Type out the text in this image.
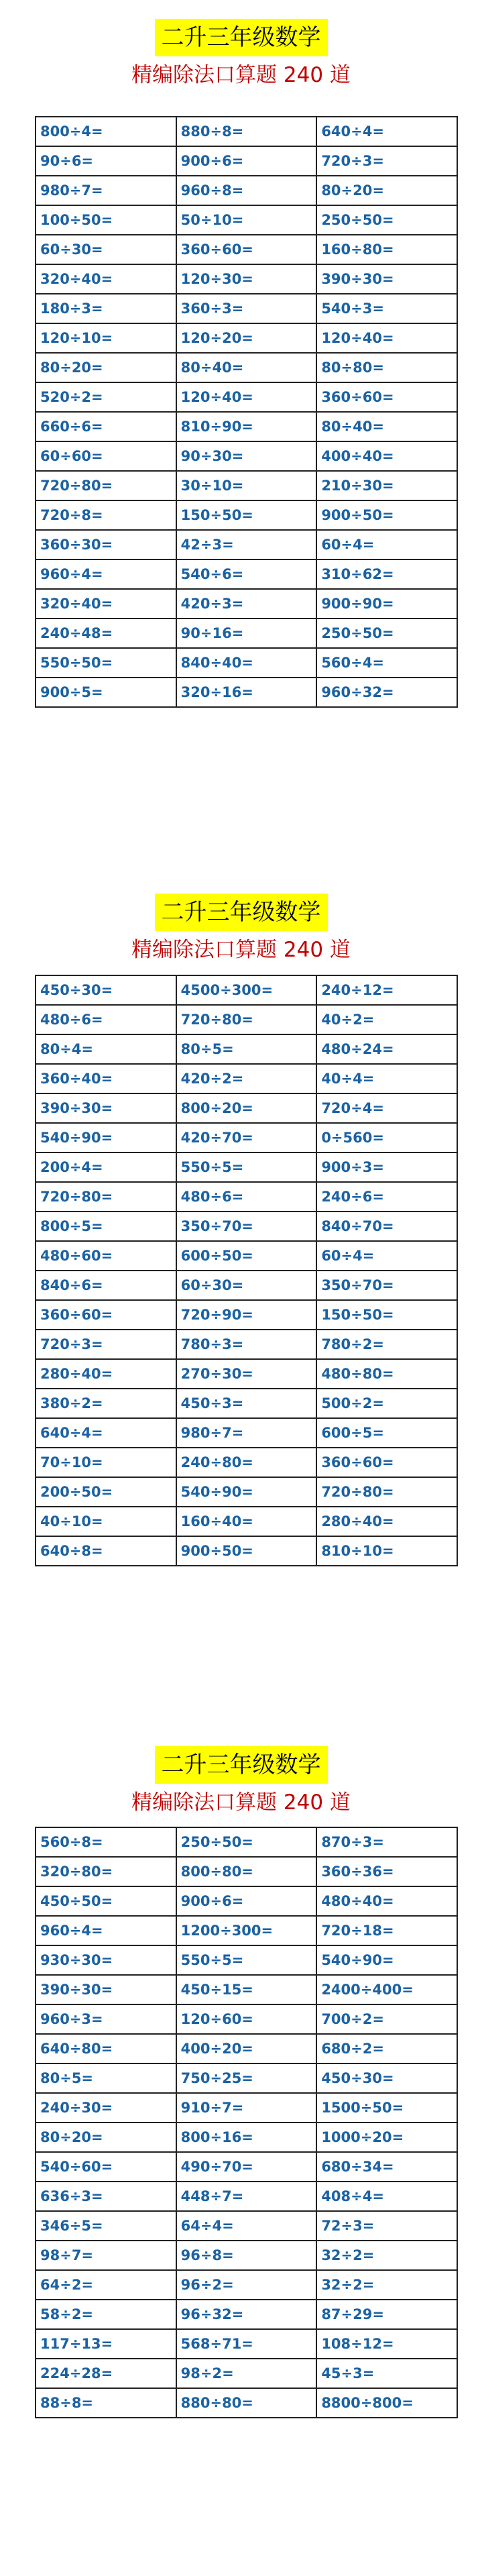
二升三年级数学
精编除法口算题 240 道
800÷4=	880÷8=	640÷4=
90÷6=	900÷6=	720÷3=
980÷7=	960÷8=	80÷20=
100÷50=	50÷10=	250÷50=
60÷30=	360÷60=	160÷80=
320÷40=	120÷30=	390÷30=
180÷3=	360÷3=	540÷3=
120÷10=	120÷20=	120÷40=
80÷20=	80÷40=	80÷80=
520÷2=	120÷40=	360÷60=
660÷6=	810÷90=	80÷40=
60÷60=	90÷30=	400÷40=
720÷80=	30÷10=	210÷30=
720÷8=	150÷50=	900÷50=
360÷30=	42÷3=	60÷4=
960÷4=	540÷6=	310÷62=
320÷40=	420÷3=	900÷90=
240÷48=	90÷16=	250÷50=
550÷50=	840÷40=	560÷4=
900÷5=	320÷16=	960÷32=
二升三年级数学
精编除法口算题 240 道
450÷30=	4500÷300=	240÷12=
480÷6=	720÷80=	40÷2=
80÷4=	80÷5=	480÷24=
360÷40=	420÷2=	40÷4=
390÷30=	800÷20=	720÷4=
540÷90=	420÷70=	0÷560=
200÷4=	550÷5=	900÷3=
720÷80=	480÷6=	240÷6=
800÷5=	350÷70=	840÷70=
480÷60=	600÷50=	60÷4=
840÷6=	60÷30=	350÷70=
360÷60=	720÷90=	150÷50=
720÷3=	780÷3=	780÷2=
280÷40=	270÷30=	480÷80=
380÷2=	450÷3=	500÷2=
640÷4=	980÷7=	600÷5=
70÷10=	240÷80=	360÷60=
200÷50=	540÷90=	720÷80=
40÷10=	160÷40=	280÷40=
640÷8=	900÷50=	810÷10=
二升三年级数学
精编除法口算题 240 道
560÷8=	250÷50=	870÷3=
320÷80=	800÷80=	360÷36=
450÷50=	900÷6=	480÷40=
960÷4=	1200÷300=	720÷18=
930÷30=	550÷5=	540÷90=
390÷30=	450÷15=	2400÷400=
960÷3=	120÷60=	700÷2=
640÷80=	400÷20=	680÷2=
80÷5=	750÷25=	450÷30=
240÷30=	910÷7=	1500÷50=
80÷20=	800÷16=	1000÷20=
540÷60=	490÷70=	680÷34=
636÷3=	448÷7=	408÷4=
346÷5=	64÷4=	72÷3=
98÷7=	96÷8=	32÷2=
64÷2=	96÷2=	32÷2=
58÷2=	96÷32=	87÷29=
117÷13=	568÷71=	108÷12=
224÷28=	98÷2=	45÷3=
88÷8=	880÷80=	8800÷800=
